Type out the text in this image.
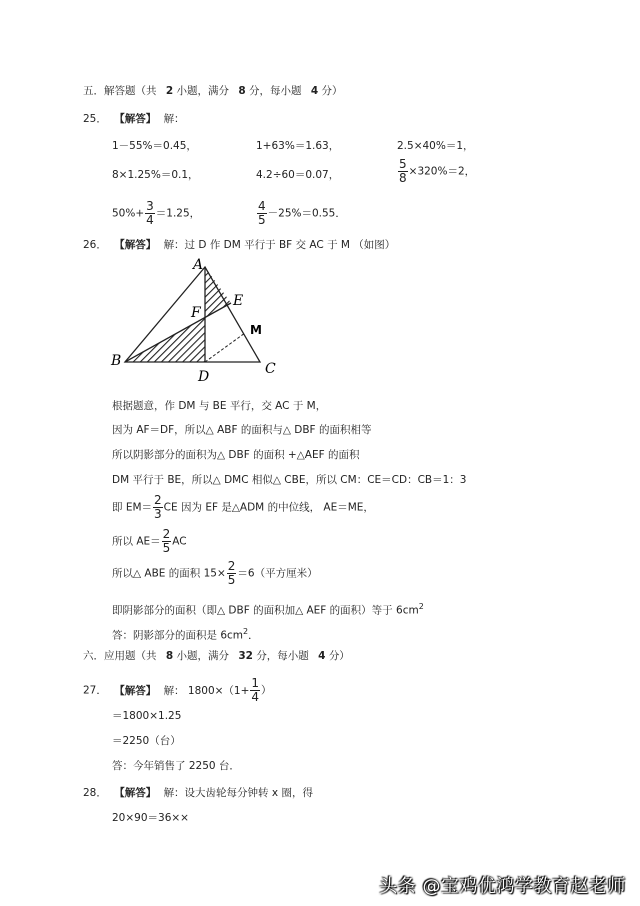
五．解答题（共 2 小题，满分 8 分，每小题 4 分）
25． 【解答】 解：
1－55%＝0.45，	1+63%＝1.63，	2.5×40%＝1，
8×1.25%＝0.1，	4.2÷60＝0.07，	$\frac{5}{8} \times 320\%=2$，
$50\%+ \frac{3}{4} =1.25$，	$\frac{4}{5} -25\%=0.55$．
26． 【解答】 解：过 D 作 DM 平行于 BF 交 AC 于 M （如图）
A
B	C
D
E
F
M
根据题意，作 DM 与 BE 平行，交 AC 于 M，
因为 AF＝DF，所以△ ABF 的面积与△ DBF 的面积相等
所以阴影部分的面积为△ DBF 的面积 +△AEF 的面积
DM 平行于 BE，所以△ DMC 相似△ CBE，所以 CM：CE＝CD：CB＝1：3
即 $EM= \frac{2}{3}$ CE 因为 EF 是△ADM 的中位线， AE＝ME，
所以 $AE= \frac{2}{5}$ AC
所以△ ABE 的面积 $15\times \frac{2}{5} =6$（平方厘米）
即阴影部分的面积（即△ DBF 的面积加△ AEF 的面积）等于 $6cm^2$
答：阴影部分的面积是 $6cm^2$．
六．应用题（共 8 小题，满分 32 分，每小题 4 分）
27． 【解答】 解： $1800\times(1+ \frac{1}{4}$ ）
＝1800×1.25
＝2250（台）
答：今年销售了 2250 台．
28． 【解答】 解：设大齿轮每分钟转 x 圈，得
20×90＝36××
头条 @宝鸡优鸿学教育赵老师
